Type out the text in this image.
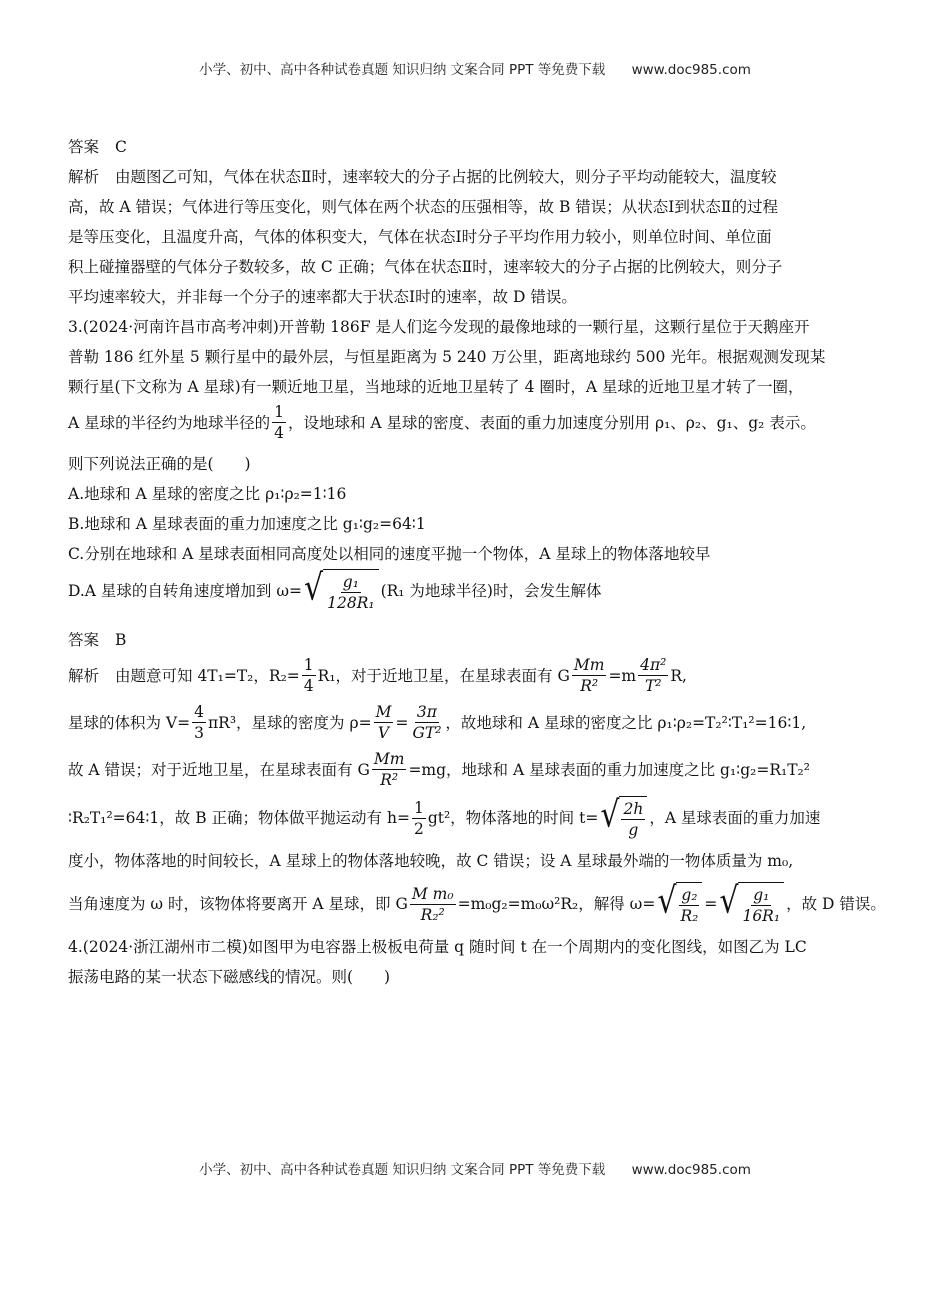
小学、初中、高中各种试卷真题 知识归纳 文案合同 PPT 等免费下载 www.doc985.com
答案 C
解析 由题图乙可知，气体在状态Ⅱ时，速率较大的分子占据的比例较大，则分子平均动能较大，温度较
高，故 A 错误；气体进行等压变化，则气体在两个状态的压强相等，故 B 错误；从状态Ⅰ到状态Ⅱ的过程
是等压变化，且温度升高，气体的体积变大，气体在状态Ⅰ时分子平均作用力较小，则单位时间、单位面
积上碰撞器壁的气体分子数较多，故 C 正确；气体在状态Ⅱ时，速率较大的分子占据的比例较大，则分子
平均速率较大，并非每一个分子的速率都大于状态Ⅰ时的速率，故 D 错误。
3.(2024·河南许昌市高考冲刺)开普勒 186F 是人们迄今发现的最像地球的一颗行星，这颗行星位于天鹅座开
普勒 186 红外星 5 颗行星中的最外层，与恒星距离为 5 240 万公里，距离地球约 500 光年。根据观测发现某
颗行星(下文称为 A 星球)有一颗近地卫星，当地球的近地卫星转了 4 圈时，A 星球的近地卫星才转了一圈，
A 星球的半径约为地球半径的 $\frac{1}{4}$ ，设地球和 A 星球的密度、表面的重力加速度分别用 ρ₁、ρ₂、g₁、g₂ 表示。
则下列说法正确的是(　　)
A.地球和 A 星球的密度之比 ρ₁∶ρ₂=1∶16
B.地球和 A 星球表面的重力加速度之比 g₁∶g₂=64∶1
C.分别在地球和 A 星球表面相同高度处以相同的速度平抛一个物体，A 星球上的物体落地较早
D.A 星球的自转角速度增加到 ω= √ $\frac{\text{g₁}}{\text{128R₁}} (R_1$ 为地球半径)时，会发生解体
答案 B
解析 由题意可知 4T₁=T₂，$R_2= \frac{1}{4} R_1$，对于近地卫星，在星球表面有 G $\frac{Mm}{\text{R²}} =m \frac{\text{4π²}}{\text{T²}} R$,
星球的体积为 $V= \frac{4}{3} \pi R^3$，星球的密度为 $\rho= \frac{M}{V} = \frac{3\pi}{\text{GT²}}$ ，故地球和 A 星球的密度之比 ρ₁∶ρ₂=T₂²∶T₁²=16∶1,
故 A 错误；对于近地卫星，在星球表面有 G $\frac{Mm}{\text{R²}} =mg$，地球和 A 星球表面的重力加速度之比 g₁∶g₂=R₁T₂²
∶R₂T₁²=64∶1，故 B 正确；物体做平抛运动有 $h= \frac{1}{2} gt^2$，物体落地的时间 t= √ $\frac{2h}{g}$ ，A 星球表面的重力加速
度小，物体落地的时间较长，A 星球上的物体落地较晚，故 C 错误；设 A 星球最外端的一物体质量为 m₀,
当角速度为 ω 时，该物体将要离开 A 星球，即 G $\frac{\text{M m₀}}{\text{R₂²}} =m_0g_2=m_0\omega^2R_2$，解得 ω= √ $\frac{\text{g₂}}{\text{R₂}}$ = √ $\frac{\text{g₁}}{\text{16R₁}}$ ，故 D 错误。
4.(2024·浙江湖州市二模)如图甲为电容器上极板电荷量 q 随时间 t 在一个周期内的变化图线，如图乙为 LC
振荡电路的某一状态下磁感线的情况。则(　　)
小学、初中、高中各种试卷真题 知识归纳 文案合同 PPT 等免费下载 www.doc985.com
